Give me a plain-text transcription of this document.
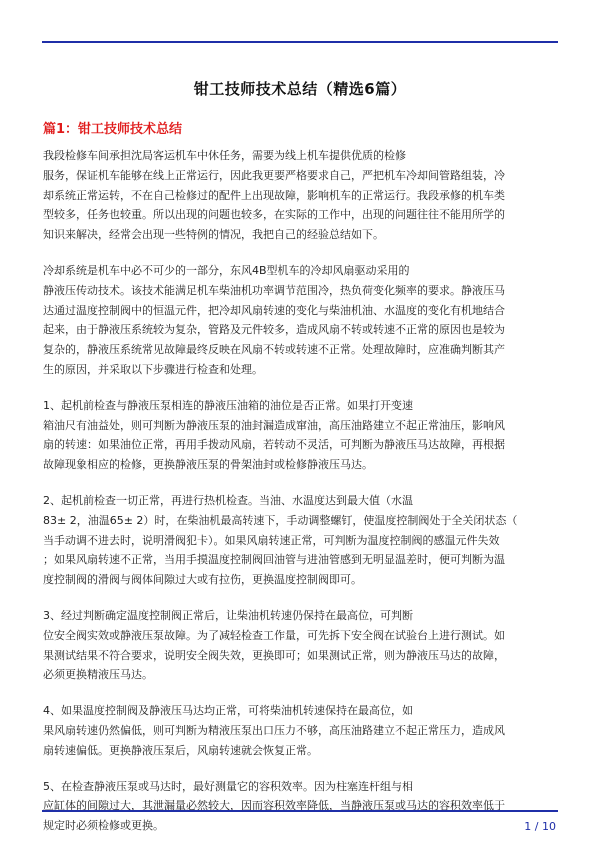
钳工技师技术总结（精选6篇）
篇1：钳工技师技术总结
我段检修车间承担沈局客运机车中休任务，需要为线上机车提供优质的检修
服务，保证机车能够在线上正常运行，因此我更要严格要求自己，严把机车冷却间管路组装，冷
却系统正常运转，不在自己检修过的配件上出现故障，影响机车的正常运行。我段承修的机车类
型较多，任务也较重。所以出现的问题也较多，在实际的工作中，出现的问题往往不能用所学的
知识来解决，经常会出现一些特例的情况，我把自己的经验总结如下。
冷却系统是机车中必不可少的一部分，东风4B型机车的冷却风扇驱动采用的
静液压传动技术。该技术能满足机车柴油机功率调节范围冷，热负荷变化频率的要求。静液压马
达通过温度控制阀中的恒温元件，把冷却风扇转速的变化与柴油机油、水温度的变化有机地结合
起来，由于静液压系统较为复杂，管路及元件较多，造成风扇不转或转速不正常的原因也是较为
复杂的，静液压系统常见故障最终反映在风扇不转或转速不正常。处理故障时，应准确判断其产
生的原因，并采取以下步骤进行检查和处理。
1、起机前检查与静液压泵相连的静液压油箱的油位是否正常。如果打开变速
箱油尺有油益处，则可判断为静液压泵的油封漏造成窜油，高压油路建立不起正常油压，影响风
扇的转速：如果油位正常，再用手拨动风扇，若转动不灵活，可判断为静液压马达故障，再根据
故障现象相应的检修，更换静液压泵的骨架油封或检修静液压马达。
2、起机前检查一切正常，再进行热机检查。当油、水温度达到最大值（水温
83± 2，油温65± 2）时，在柴油机最高转速下，手动调整螺钉，使温度控制阀处于全关闭状态（
当手动调不进去时，说明滑阀犯卡）。如果风扇转速正常，可判断为温度控制阀的感温元件失效
；如果风扇转速不正常，当用手摸温度控制阀回油管与进油管感到无明显温差时，便可判断为温
度控制阀的滑阀与阀体间隙过大或有拉伤，更换温度控制阀即可。
3、经过判断确定温度控制阀正常后，让柴油机转速仍保持在最高位，可判断
位安全阀实效或静液压泵故障。为了减轻检查工作量，可先拆下安全阀在试验台上进行测试。如
果测试结果不符合要求，说明安全阀失效，更换即可；如果测试正常，则为静液压马达的故障，
必须更换精液压马达。
4、如果温度控制阀及静液压马达均正常，可将柴油机转速保持在最高位，如
果风扇转速仍然偏低，则可判断为精液压泵出口压力不够，高压油路建立不起正常压力，造成风
扇转速偏低。更换静液压泵后，风扇转速就会恢复正常。
5、在检查静液压泵或马达时，最好测量它的容积效率。因为柱塞连杆组与相
应缸体的间隙过大，其泄漏量必然较大，因而容积效率降低，当静液压泵或马达的容积效率低于
规定时必须检修或更换。	1 / 10
